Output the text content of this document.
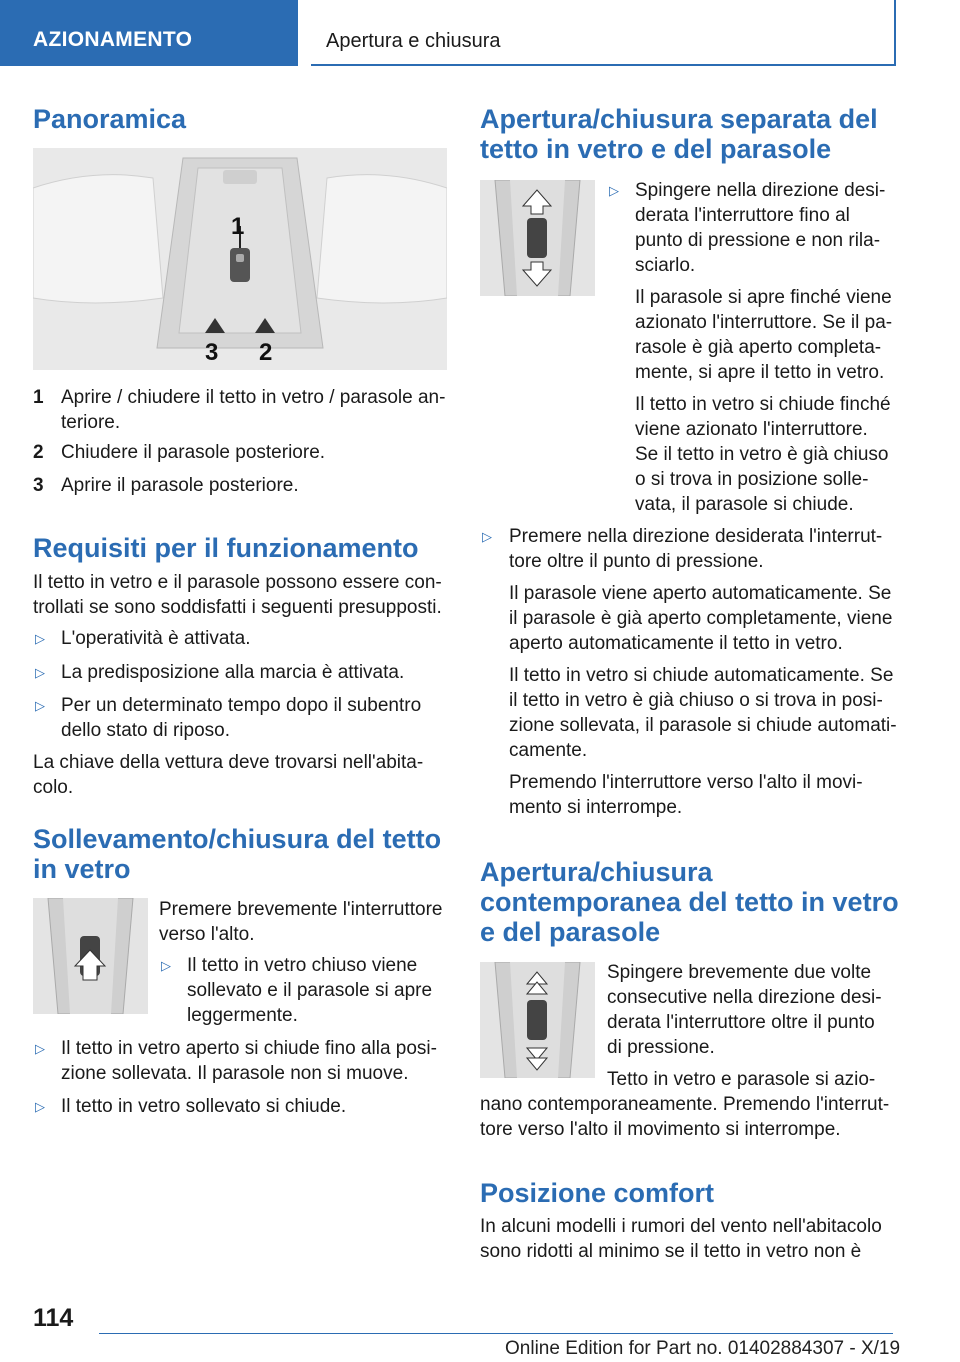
AZIONAMENTO	Apertura e chiusura
Panoramica
1
3 2
1 Aprire / chiudere il tetto in vetro / parasole an-
teriore.
2 Chiudere il parasole posteriore.
3 Aprire il parasole posteriore.
Requisiti per il funzionamento
Il tetto in vetro e il parasole possono essere con-
trollati se sono soddisfatti i seguenti presupposti.
▷ L'operatività è attivata.
▷ La predisposizione alla marcia è attivata.
▷ Per un determinato tempo dopo il subentro
dello stato di riposo.
La chiave della vettura deve trovarsi nell'abita-
colo.
Sollevamento/chiusura del tetto
in vetro
Premere brevemente l'interruttore
verso l'alto.
▷ Il tetto in vetro chiuso viene
sollevato e il parasole si apre
leggermente.
▷ Il tetto in vetro aperto si chiude fino alla posi-
zione sollevata. Il parasole non si muove.
▷ Il tetto in vetro sollevato si chiude.
Apertura/chiusura separata del
tetto in vetro e del parasole
▷ Spingere nella direzione desi-
derata l'interruttore fino al
punto di pressione e non rila-
sciarlo.
Il parasole si apre finché viene
azionato l'interruttore. Se il pa-
rasole è già aperto completa-
mente, si apre il tetto in vetro.
Il tetto in vetro si chiude finché
viene azionato l'interruttore.
Se il tetto in vetro è già chiuso
o si trova in posizione solle-
vata, il parasole si chiude.
▷ Premere nella direzione desiderata l'interrut-
tore oltre il punto di pressione.
Il parasole viene aperto automaticamente. Se
il parasole è già aperto completamente, viene
aperto automaticamente il tetto in vetro.
Il tetto in vetro si chiude automaticamente. Se
il tetto in vetro è già chiuso o si trova in posi-
zione sollevata, il parasole si chiude automati-
camente.
Premendo l'interruttore verso l'alto il movi-
mento si interrompe.
Apertura/chiusura
contemporanea del tetto in vetro
e del parasole
Spingere brevemente due volte
consecutive nella direzione desi-
derata l'interruttore oltre il punto
di pressione.
Tetto in vetro e parasole si azio-
nano contemporaneamente. Premendo l'interrut-
tore verso l'alto il movimento si interrompe.
Posizione comfort
In alcuni modelli i rumori del vento nell'abitacolo
sono ridotti al minimo se il tetto in vetro non è
114
Online Edition for Part no. 01402884307 - X/19
